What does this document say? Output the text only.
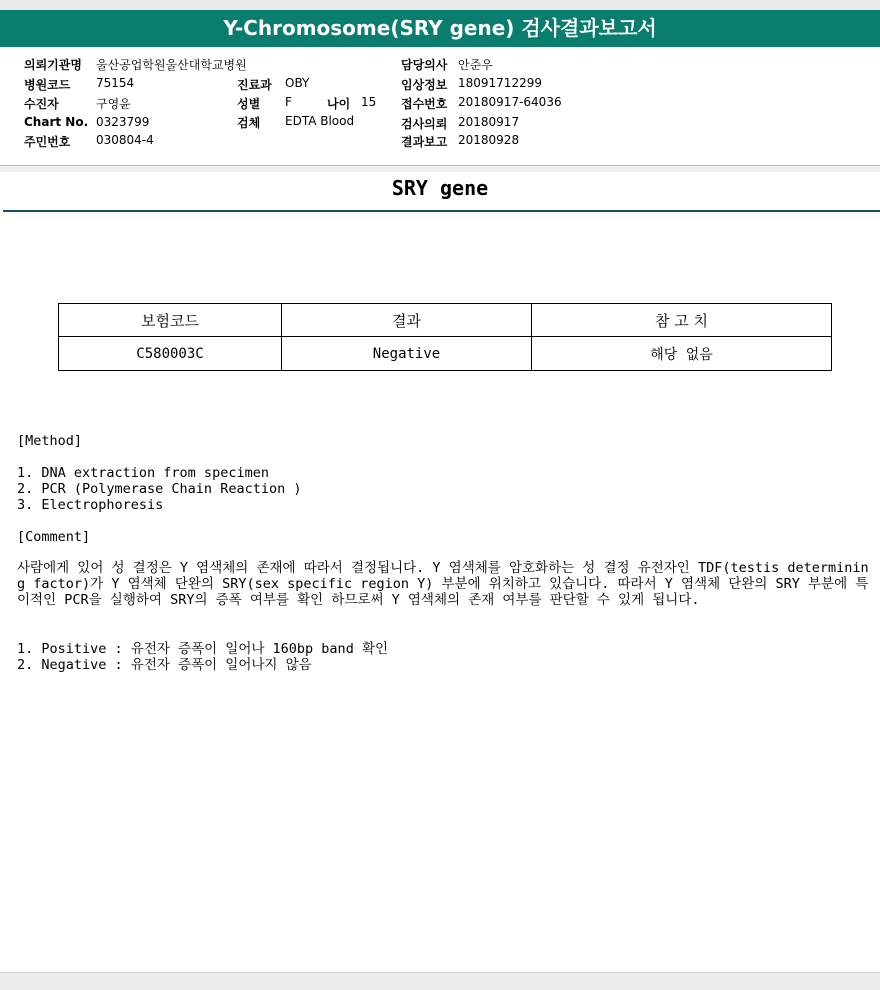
Y-Chromosome(SRY gene) 검사결과보고서
의뢰기관명 울산공업학원울산대학교병원
병원코드 75154
수진자	구영윤
Chart No. 0323799
주민번호 030804-4
진료과 OBY
성별 F	나이 15
검체 EDTA Blood
담당의사 안준우
임상정보 18091712299
접수번호 20180917-64036
검사의뢰 20180917
결과보고 20180928
SRY gene
보험코드	결과	참 고 치
C580003C	Negative	해당 없음
[Method]
1. DNA extraction from specimen
2. PCR (Polymerase Chain Reaction )
3. Electrophoresis
[Comment]
사람에게 있어 성 결정은 Y 염색체의 존재에 따라서 결정됩니다. Y 염색체를 암호화하는 성 결정 유전자인 TDF(testis determining factor)가 Y 염색체 단완의 SRY(sex specific region Y) 부분에 위치하고 있습니다. 따라서 Y 염색체 단완의 SRY 부분에 특이적인 PCR을 실행하여 SRY의 증폭 여부를 확인 하므로써 Y 염색체의 존재 여부를 판단할 수 있게 됩니다.
1. Positive : 유전자 증폭이 일어나 160bp band 확인
2. Negative : 유전자 증폭이 일어나지 않음
